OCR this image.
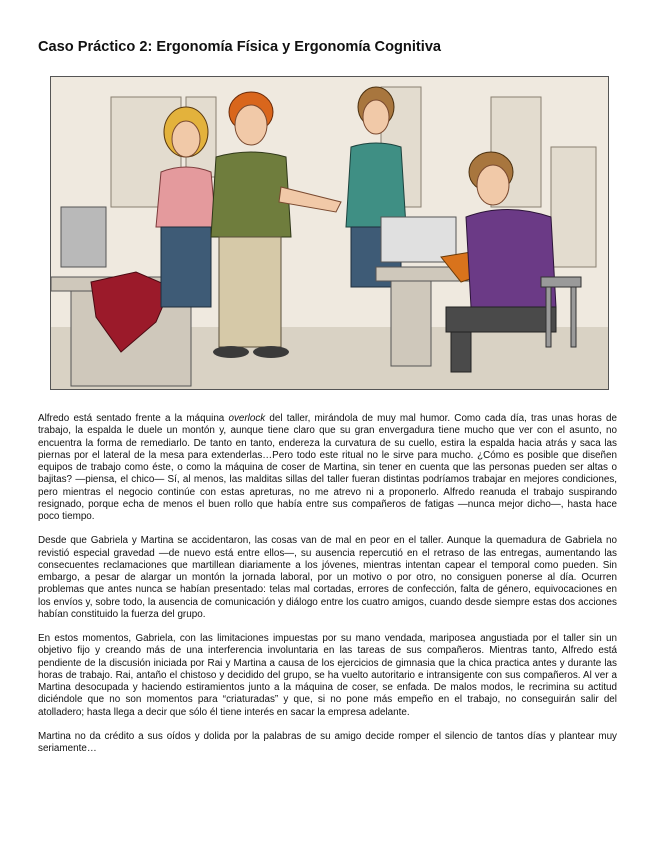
Caso Práctico 2: Ergonomía Física y Ergonomía Cognitiva

Alfredo está sentado frente a la máquina overlock del taller, mirándola de muy mal humor. Como cada día, tras unas horas de trabajo, la espalda le duele un montón y, aunque tiene claro que su gran envergadura tiene mucho que ver con el asunto, no encuentra la forma de remediarlo. De tanto en tanto, endereza la curvatura de su cuello, estira la espalda hacia atrás y saca las piernas por el lateral de la mesa para extenderlas…Pero todo este ritual no le sirve para mucho. ¿Cómo es posible que diseñen equipos de trabajo como éste, o como la máquina de coser de Martina, sin tener en cuenta que las personas pueden ser altas o bajitas? —piensa, el chico— Sí, al menos, las malditas sillas del taller fueran distintas podríamos trabajar en mejores condiciones, pero mientras el negocio continúe con estas apreturas, no me atrevo ni a proponerlo. Alfredo reanuda el trabajo suspirando resignado, porque echa de menos el buen rollo que había entre sus compañeros de fatigas —nunca mejor dicho—, hasta hace poco tiempo.

Desde que Gabriela y Martina se accidentaron, las cosas van de mal en peor en el taller. Aunque la quemadura de Gabriela no revistió especial gravedad —de nuevo está entre ellos—, su ausencia repercutió en el retraso de las entregas, aumentando las consecuentes reclamaciones que martillean diariamente a los jóvenes, mientras intentan capear el temporal como pueden. Sin embargo, a pesar de alargar un montón la jornada laboral, por un motivo o por otro, no consiguen ponerse al día. Ocurren problemas que antes nunca se habían presentado: telas mal cortadas, errores de confección, falta de género, equivocaciones en los envíos y, sobre todo, la ausencia de comunicación y diálogo entre los cuatro amigos, cuando desde siempre estas dos acciones habían constituido la fuerza del grupo.

En estos momentos, Gabriela, con las limitaciones impuestas por su mano vendada, mariposea angustiada por el taller sin un objetivo fijo y creando más de una interferencia involuntaria en las tareas de sus compañeros. Mientras tanto, Alfredo está pendiente de la discusión iniciada por Rai y Martina a causa de los ejercicios de gimnasia que la chica practica antes y durante las horas de trabajo. Rai, antaño el chistoso y decidido del grupo, se ha vuelto autoritario e intransigente con sus compañeros. Al ver a Martina desocupada y haciendo estiramientos junto a la máquina de coser, se enfada. De malos modos, le recrimina su actitud diciéndole que no son momentos para “criaturadas” y que, si no pone más empeño en el trabajo, no conseguirán salir del atolladero; hasta llega a decir que sólo él tiene interés en sacar la empresa adelante.

Martina no da crédito a sus oídos y dolida por la palabras de su amigo decide romper el silencio de tantos días y plantear muy seriamente…
